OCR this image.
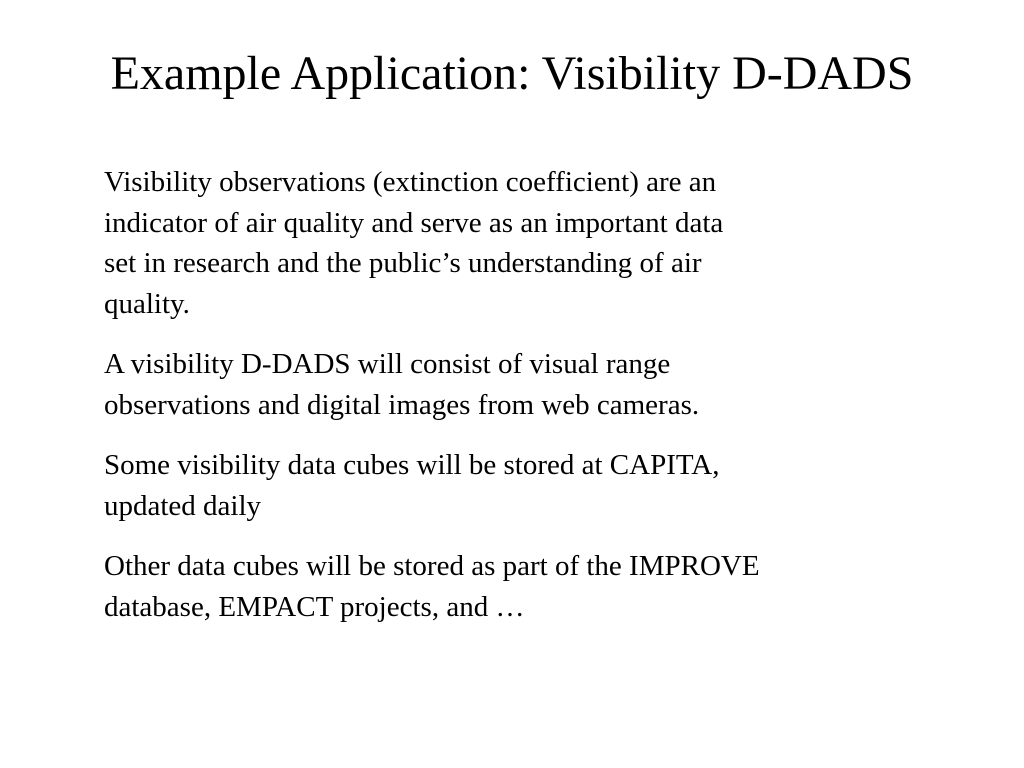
Example Application: Visibility D-DADS

Visibility observations (extinction coefficient) are an
indicator of air quality and serve as an important data
set in research and the public’s understanding of air
quality.

A visibility D-DADS will consist of visual range
observations and digital images from web cameras.

Some visibility data cubes will be stored at CAPITA,
updated daily

Other data cubes will be stored as part of the IMPROVE
database, EMPACT projects, and …
